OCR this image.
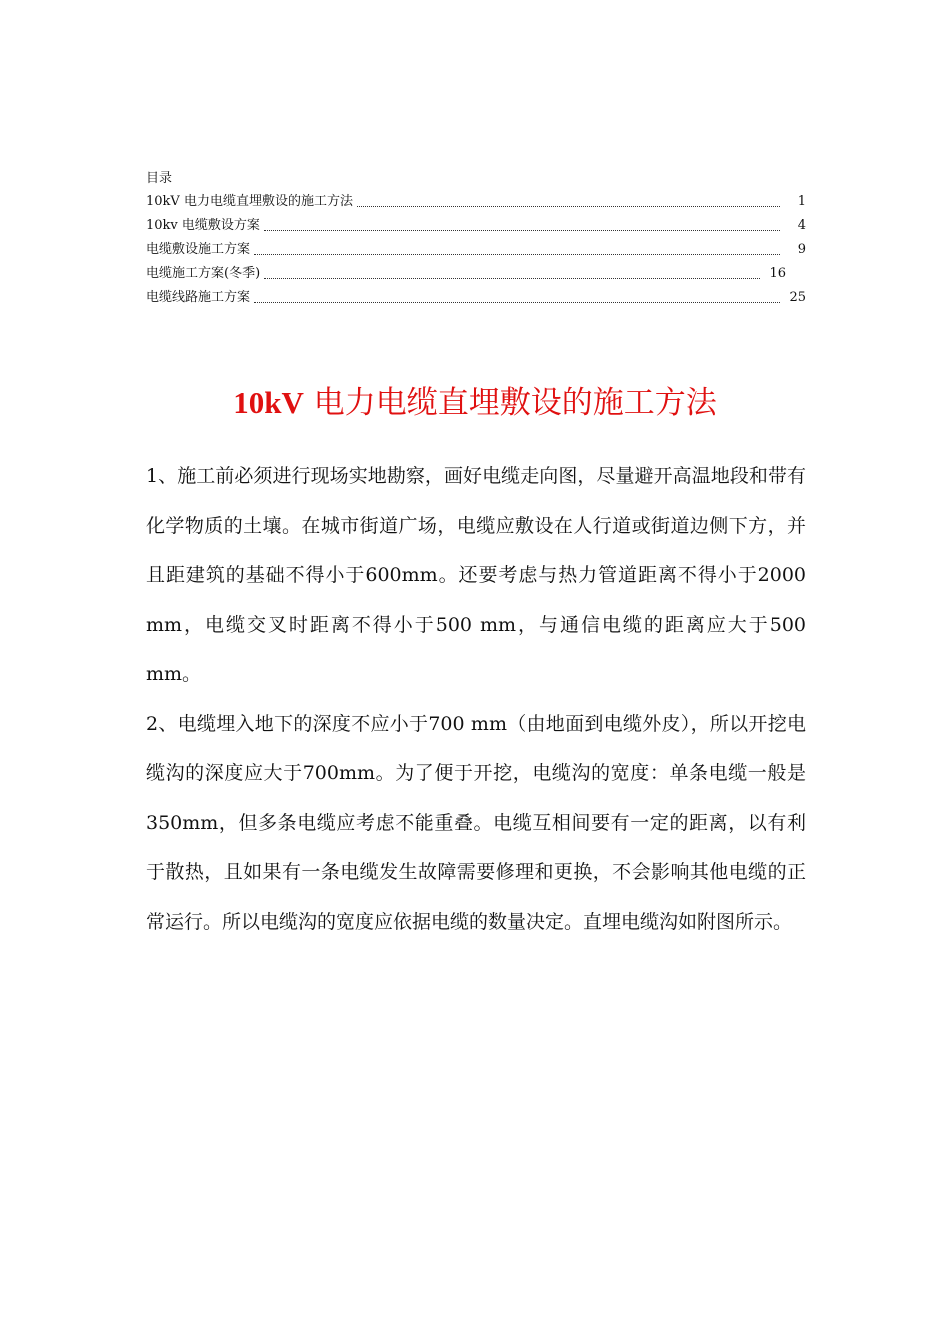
目录
10kV 电力电缆直埋敷设的施工方法	1
10kv 电缆敷设方案	4
电缆敷设施工方案	9
电缆施工方案(冬季)	16
电缆线路施工方案	25
10kV 电力电缆直埋敷设的施工方法

1、施工前必须进行现场实地勘察，画好电缆走向图，尽量避开高温地段和带有化学物质的土壤。在城市街道广场，电缆应敷设在人行道或街道边侧下方，并且距建筑的基础不得小于600mm。还要考虑与热力管道距离不得小于2000 mm，电缆交叉时距离不得小于500 mm，与通信电缆的距离应大于500 mm。

2、电缆埋入地下的深度不应小于700 mm（由地面到电缆外皮），所以开挖电缆沟的深度应大于700mm。为了便于开挖，电缆沟的宽度：单条电缆一般是350mm，但多条电缆应考虑不能重叠。电缆互相间要有一定的距离，以有利于散热，且如果有一条电缆发生故障需要修理和更换，不会影响其他电缆的正常运行。所以电缆沟的宽度应依据电缆的数量决定。直埋电缆沟如附图所示。
